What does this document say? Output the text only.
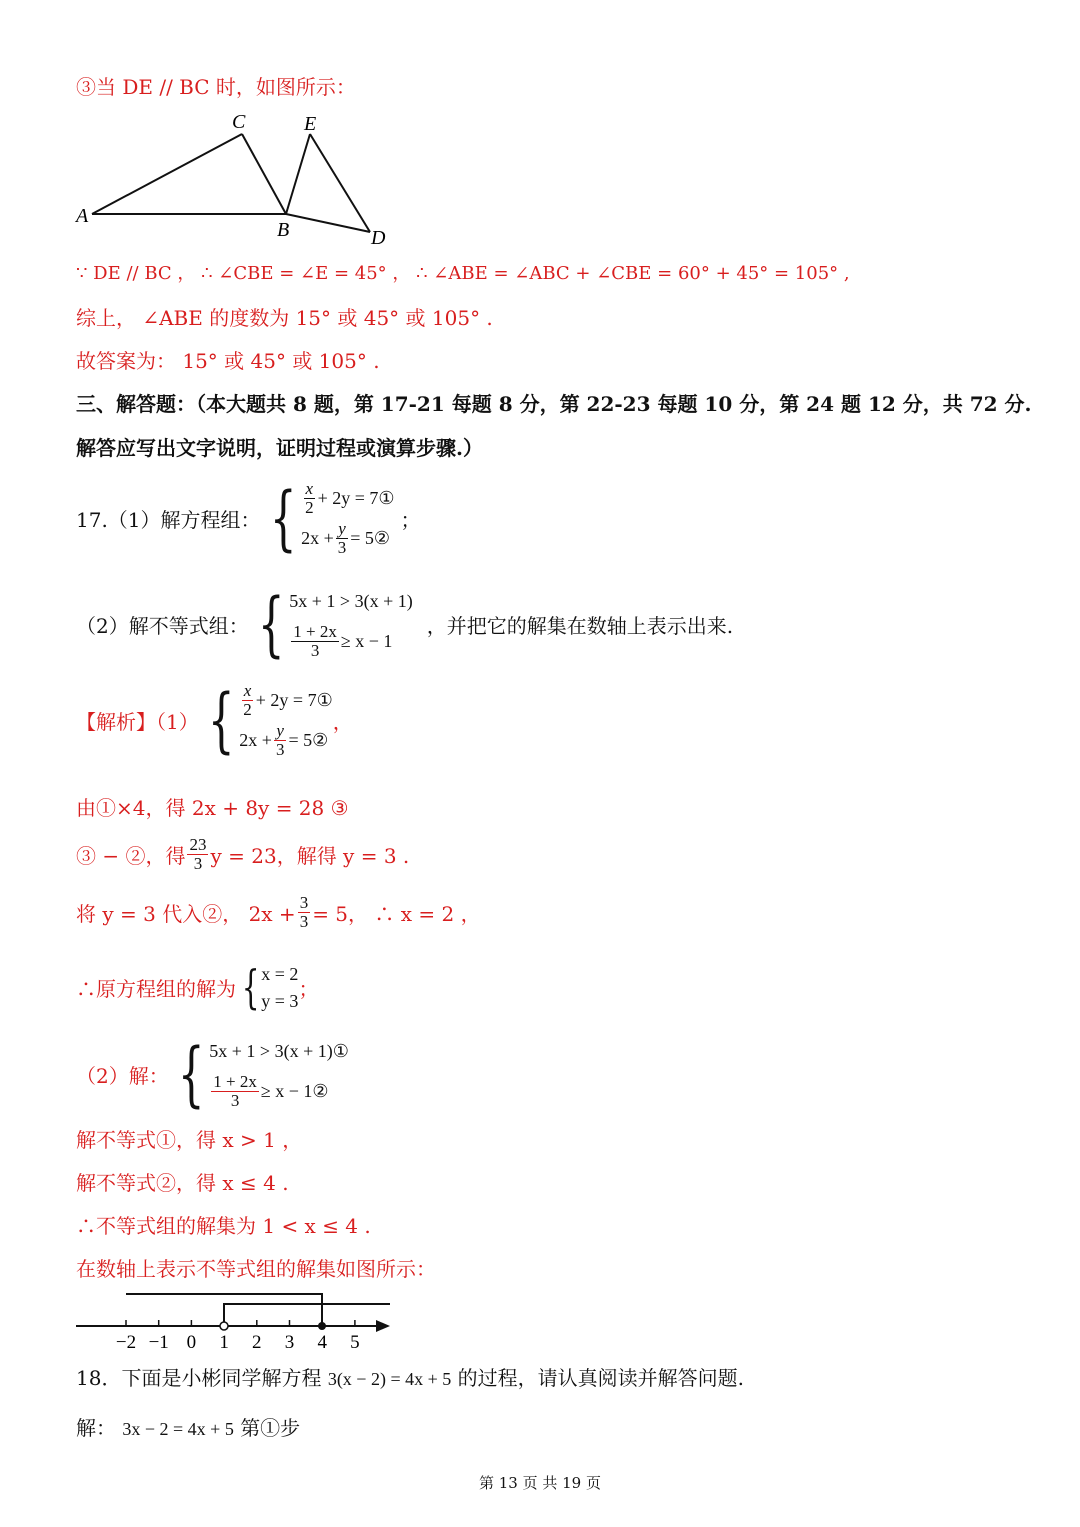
③当 DE // BC 时，如图所示：
A
C	E
B	D
∵ DE // BC ， ∴ ∠CBE = ∠E = 45° ， ∴ ∠ABE = ∠ABC + ∠CBE = 60° + 45° = 105° ,
综上， ∠ABE 的度数为 15° 或 45° 或 105° .
故答案为： 15° 或 45° 或 105° .
三、解答题：（本大题共 8 题，第 17-21 每题 8 分，第 22-23 每题 10 分，第 24 题 12 分，共 72 分.
解答应写出文字说明，证明过程或演算步骤.）
17.（1）解方程组： { $\frac{x}{2} + 2y$ = 7①
$2x + \frac{y}{3}$ = 5②
；
（2）解不等式组： { 5x + 1 > 3(x + 1)
$\frac{1 + 2x}{3} \ge x - 1$
，并把它的解集在数轴上表示出来.
【解析】（1） { $\frac{x}{2} + 2y$ = 7①
$2x + \frac{y}{3}$ = 5②
，
由①×4，得 2x + 8y = 28 ③
③ − ②，得 $\frac{23}{3}$ y = 23，解得 y = 3 .
将 y = 3 代入②， $2x + \frac{3}{3} = 5$， ∴ x = 2 ，
∴原方程组的解为 { x = 2
y = 3 ；
（2）解： { 5x + 1 > 3(x + 1)①
$\frac{1 + 2x}{3} \ge x$ − 1②
解不等式①，得 x > 1 ，
解不等式②，得 x ≤ 4 .
∴不等式组的解集为 1 < x ≤ 4 .
在数轴上表示不等式组的解集如图所示：
−2 −1 0 1 2 3 4 5
18．下面是小彬同学解方程 3(x − 2) = 4x + 5 的过程，请认真阅读并解答问题.
解： 3x − 2 = 4x + 5 第①步
第 13 页 共 19 页
